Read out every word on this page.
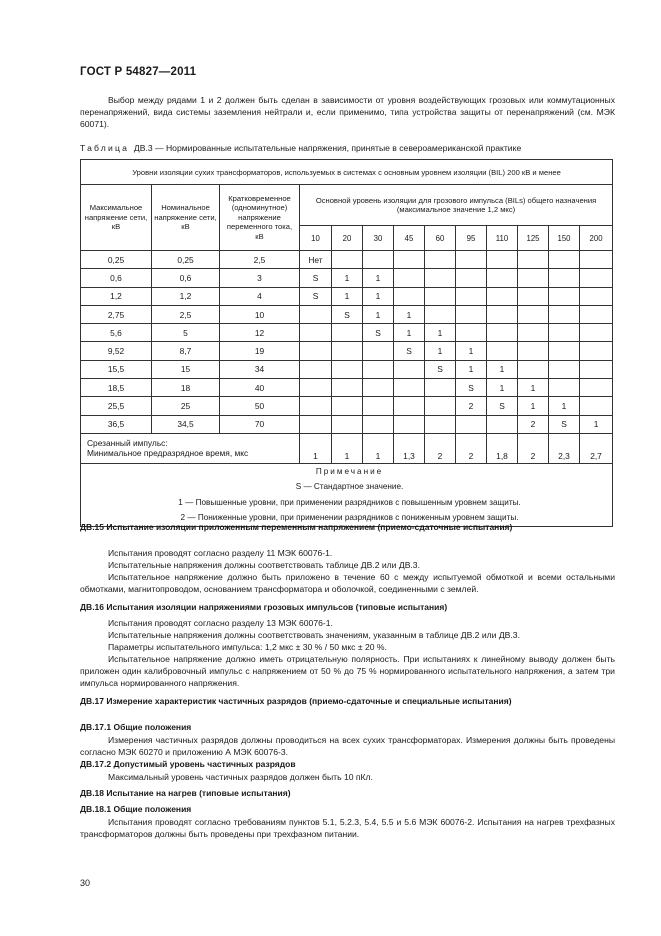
ГОСТ Р 54827—2011
Выбор между рядами 1 и 2 должен быть сделан в зависимости от уровня воздействующих грозовых или коммутационных перенапряжений, вида системы заземления нейтрали и, если применимо, типа устройства защиты от перенапряжений (см. МЭК 60071).
Таблица ДВ.3 — Нормированные испытательные напряжения, принятые в североамериканской практике
Уровни изоляции сухих трансформаторов, используемых в системах с основным уровнем изоляции (BIL) 200 кВ и менее												
Максимальное напряжение сети, кВ	Номинальное напряжение сети, кВ	Кратковременное (одноминутное) напряжение переменного тока, кВ	Основной уровень изоляции для грозового импульса (BILs) общего назначения (максимальное значение 1,2 мкс)									
			10	20	30	45	60	95	110	125	150	200
0,25	0,25	2,5	Нет									
0,6	0,6	3	S	1	1							
1,2	1,2	4	S	1	1							
2,75	2,5	10		S	1	1						
5,6	5	12			S	1	1					
9,52	8,7	19				S	1	1				
15,5	15	34					S	1	1			
18,5	18	40						S	1	1		
25,5	25	50						2	S	1	1	
36,5	34,5	70								2	S	1

Срезанный импульс:
Минимальное предразрядное время, мкс			1	1	1	1,3	2	2	1,8	2	2,3	2,7

Примечание
S — Стандартное значение.
1 — Повышенные уровни, при применении разрядников с повышенным уровнем защиты.
2 — Пониженные уровни, при применении разрядников с пониженным уровнем защиты.												
ДВ.15 Испытание изоляции приложенным переменным напряжением (приемо-сдаточные испытания)
Испытания проводят согласно разделу 11 МЭК 60076-1.
Испытательные напряжения должны соответствовать таблице ДВ.2 или ДВ.3.
Испытательное напряжение должно быть приложено в течение 60 с между испытуемой обмоткой и всеми остальными обмотками, магнитопроводом, основанием трансформатора и оболочкой, соединенными с землей.
ДВ.16 Испытания изоляции напряжениями грозовых импульсов (типовые испытания)
Испытания проводят согласно разделу 13 МЭК 60076-1.
Испытательные напряжения должны соответствовать значениям, указанным в таблице ДВ.2 или ДВ.3.
Параметры испытательного импульса: 1,2 мкс ± 30 % / 50 мкс ± 20 %.
Испытательное напряжение должно иметь отрицательную полярность. При испытаниях к линейному выводу должен быть приложен один калибровочный импульс с напряжением от 50 % до 75 % нормированного испытательного напряжения, а затем три импульса нормированного напряжения.
ДВ.17 Измерение характеристик частичных разрядов (приемо-сдаточные и специальные испытания)
ДВ.17.1 Общие положения
Измерения частичных разрядов должны проводиться на всех сухих трансформаторах. Измерения должны быть проведены согласно МЭК 60270 и приложению А МЭК 60076-3.
ДВ.17.2 Допустимый уровень частичных разрядов
Максимальный уровень частичных разрядов должен быть 10 пКл.
ДВ.18 Испытание на нагрев (типовые испытания)
ДВ.18.1 Общие положения
Испытания проводят согласно требованиям пунктов 5.1, 5.2.3, 5.4, 5.5 и 5.6 МЭК 60076-2. Испытания на нагрев трехфазных трансформаторов должны быть проведены при трехфазном питании.
30
